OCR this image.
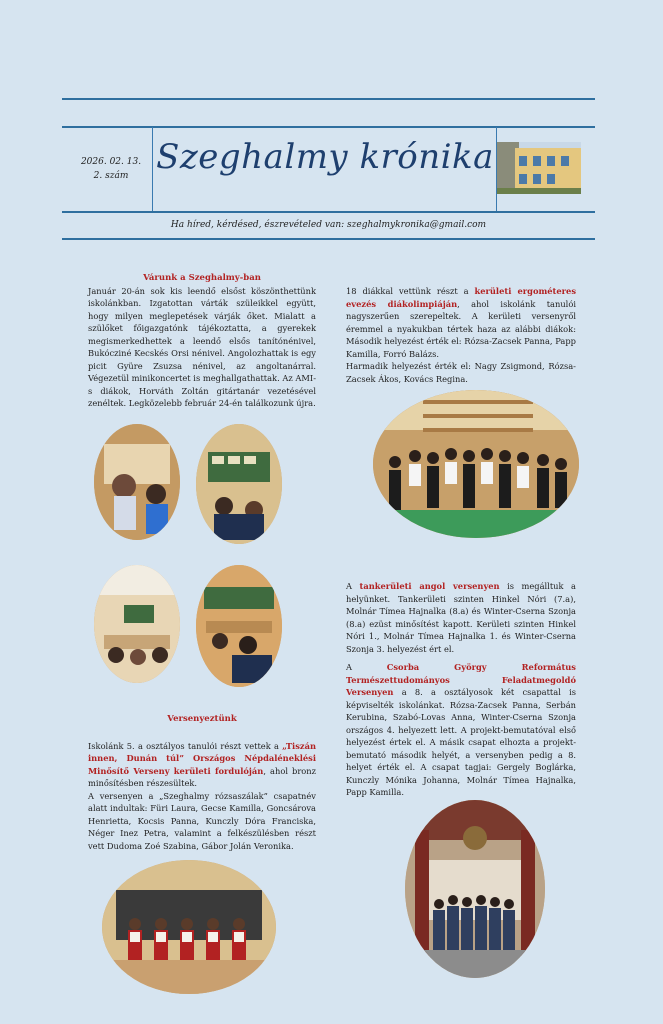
2026. 02. 13.
2. szám Szeghalmy krónika
Ha híred, kérdésed, észrevételed van: szeghalmykronika@gmail.com

Várunk a Szeghalmy-ban

Január 20-án sok kis leendő elsőst köszönthettünk iskolánkban. Izgatottan várták szüleikkel együtt, hogy milyen meglepetések várják őket. Mialatt a szülőket főigazgatónk tájékoztatta, a gyerekek megismerkedhettek a leendő elsős tanítónénivel, Bukócziné Kecskés Orsi nénivel. Angolozhattak is egy picit Gyüre Zsuzsa nénivel, az angoltanárral. Végezetül minikoncertet is meghallgathattak. Az AMI-s diákok, Horváth Zoltán gitártanár vezetésével zenéltek. Legközelebb február 24-én találkozunk újra.

Versenyeztünk

Iskolánk 5. a osztályos tanulói részt vettek a „Tiszán innen, Dunán túl” Országos Népdaléneklési Minősítő Verseny kerületi fordulóján, ahol bronz minősítésben részesültek.

A versenyen a „Szeghalmy rózsaszálak” csapatnév alatt indultak: Füri Laura, Gecse Kamilla, Goncsárova Henrietta, Kocsis Panna, Kunczly Dóra Franciska, Néger Inez Petra, valamint a felkészülésben részt vett Dudoma Zoé Szabina, Gábor Jolán Veronika.

18 diákkal vettünk részt a kerületi ergométeres evezés diákolimpiáján, ahol iskolánk tanulói nagyszerűen szerepeltek. A kerületi versenyről éremmel a nyakukban tértek haza az alábbi diákok: Második helyezést érték el: Rózsa-Zacsek Panna, Papp Kamilla, Forró Balázs.

Harmadik helyezést érték el: Nagy Zsigmond, Rózsa-Zacsek Ákos, Kovács Regina.

A tankerületi angol versenyen is megálltuk a helyünket. Tankerületi szinten Hinkel Nóri (7.a), Molnár Tímea Hajnalka (8.a) és Winter-Cserna Szonja (8.a) ezüst minősítést kapott. Kerületi szinten Hinkel Nóri 1., Molnár Tímea Hajnalka 1. és Winter-Cserna Szonja 3. helyezést ért el.

A Csorba György Református Természettudományos Feladatmegoldó Versenyen a 8. a osztályosok két csapattal is képviselték iskolánkat. Rózsa-Zacsek Panna, Serbán Kerubina, Szabó-Lovas Anna, Winter-Cserna Szonja országos 4. helyezett lett. A projekt-bemutatóval első helyezést értek el. A másik csapat elhozta a projekt-bemutató második helyét, a versenyben pedig a 8. helyet érték el. A csapat tagjai: Gergely Boglárka, Kunczly Mónika Johanna, Molnár Tímea Hajnalka, Papp Kamilla.
